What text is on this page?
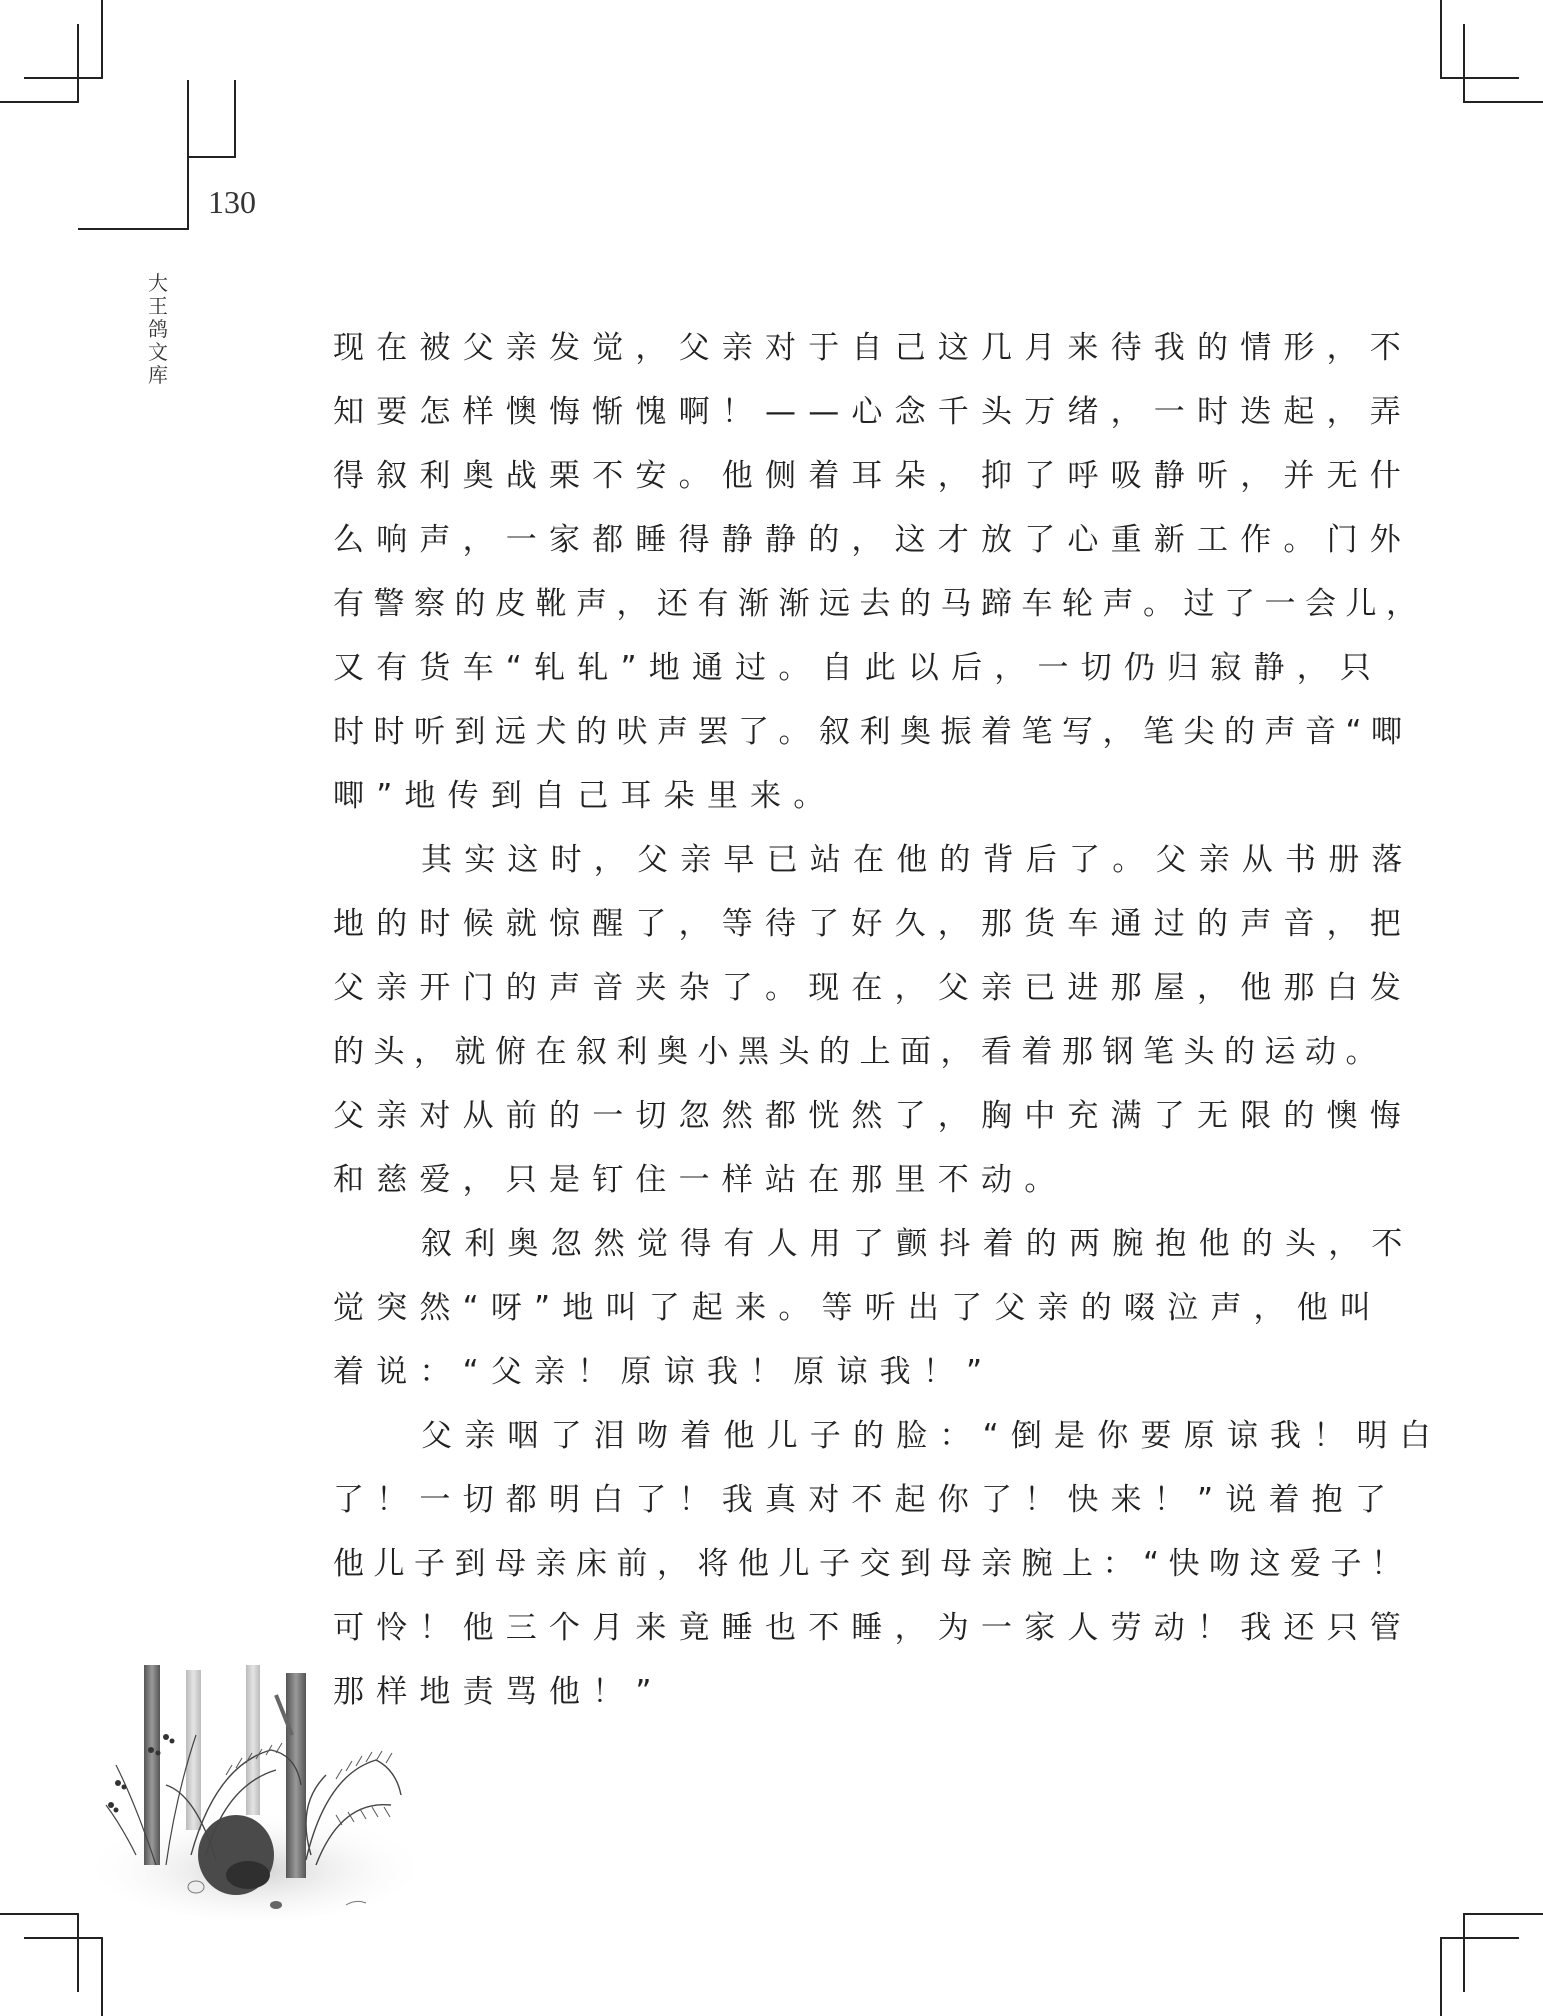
130
大王鸽文库
现在被父亲发觉，父亲对于自己这几月来待我的情形，不
知要怎样懊悔惭愧啊！——心念千头万绪，一时迭起，弄
得叙利奥战栗不安。他侧着耳朵，抑了呼吸静听，并无什
么响声，一家都睡得静静的，这才放了心重新工作。门外
有警察的皮靴声，还有渐渐远去的马蹄车轮声。过了一会儿，
又有货车“轧轧”地通过。自此以后，一切仍归寂静，只
时时听到远犬的吠声罢了。叙利奥振着笔写，笔尖的声音“唧
唧”地传到自己耳朵里来。
其实这时，父亲早已站在他的背后了。父亲从书册落
地的时候就惊醒了，等待了好久，那货车通过的声音，把
父亲开门的声音夹杂了。现在，父亲已进那屋，他那白发
的头，就俯在叙利奥小黑头的上面，看着那钢笔头的运动。
父亲对从前的一切忽然都恍然了，胸中充满了无限的懊悔
和慈爱，只是钉住一样站在那里不动。
叙利奥忽然觉得有人用了颤抖着的两腕抱他的头，不
觉突然“呀”地叫了起来。等听出了父亲的啜泣声，他叫
着说：“父亲！原谅我！原谅我！”
父亲咽了泪吻着他儿子的脸：“倒是你要原谅我！明白
了！一切都明白了！我真对不起你了！快来！”说着抱了
他儿子到母亲床前，将他儿子交到母亲腕上：“快吻这爱子！
可怜！他三个月来竟睡也不睡，为一家人劳动！我还只管
那样地责骂他！”
